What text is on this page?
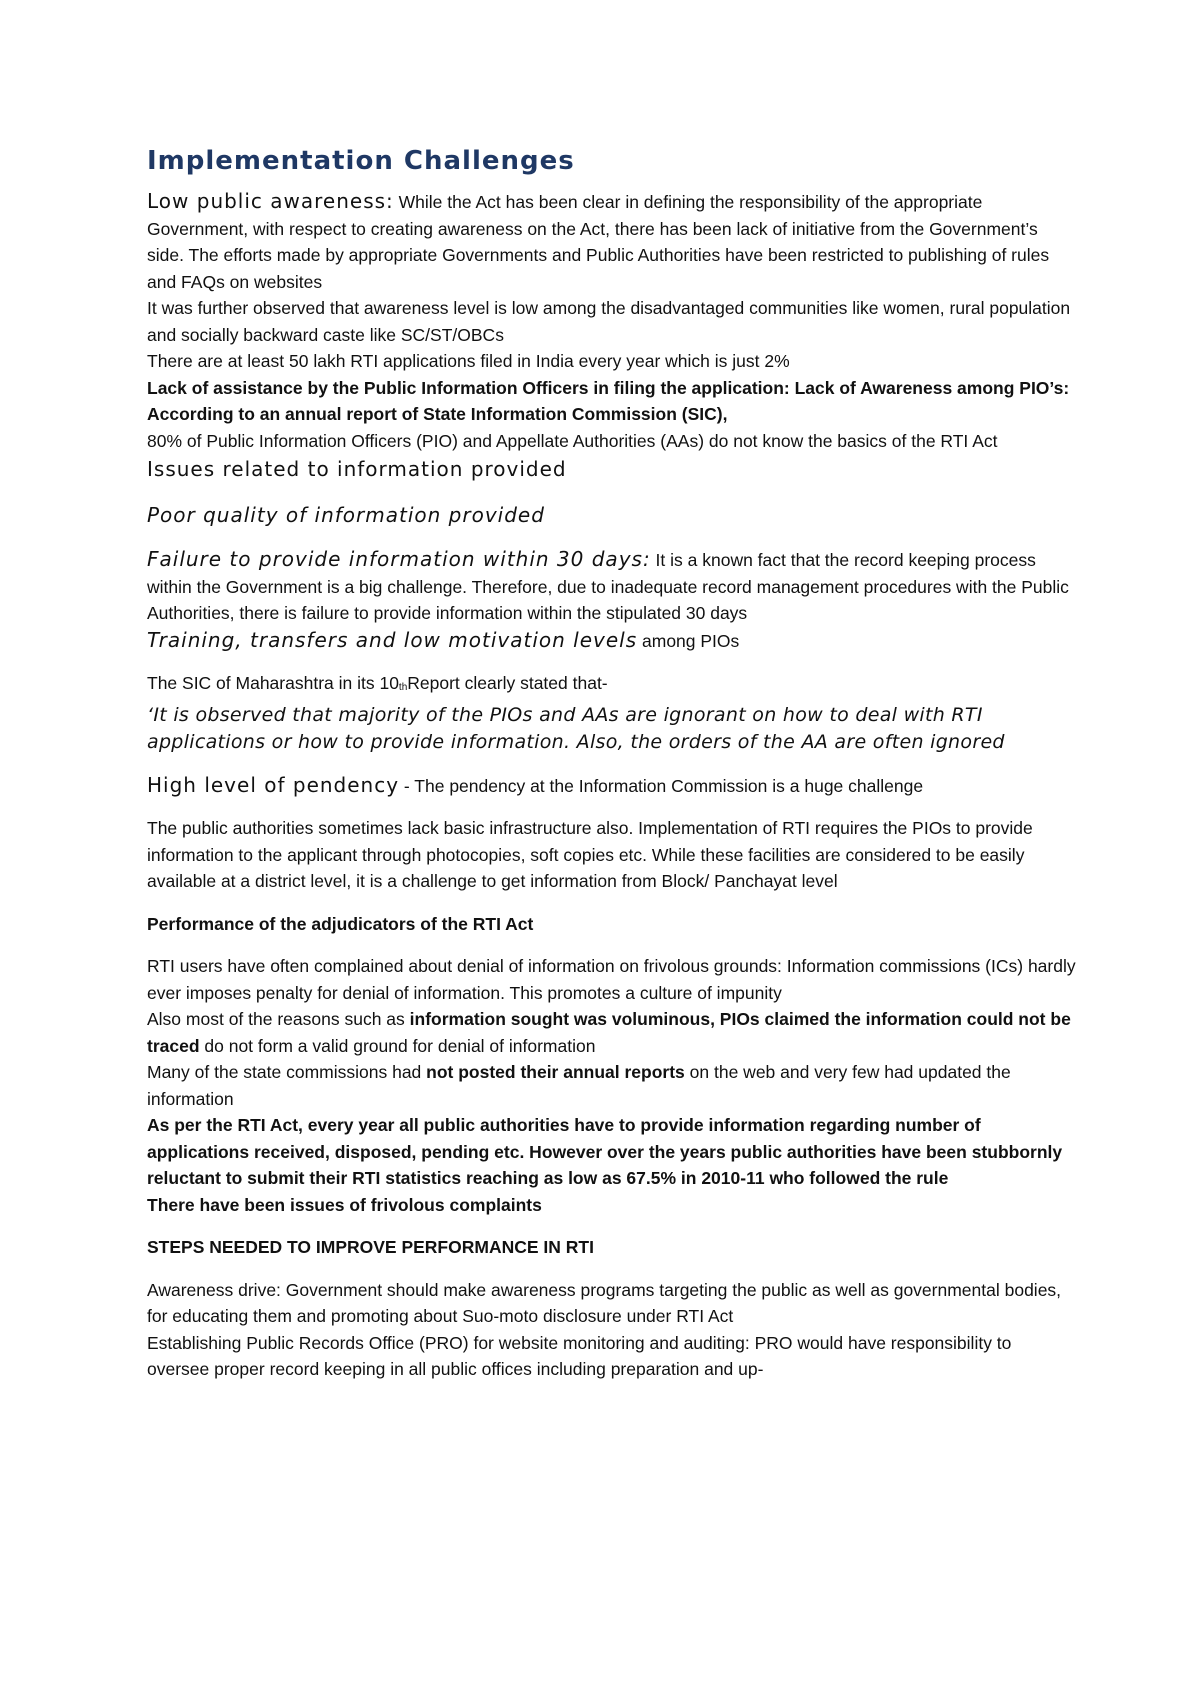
Implementation Challenges

Low public awareness: While the Act has been clear in defining the responsibility of the appropriate Government, with respect to creating awareness on the Act, there has been lack of initiative from the Government’s side. The efforts made by appropriate Governments and Public Authorities have been restricted to publishing of rules and FAQs on websites

It was further observed that awareness level is low among the disadvantaged communities like women, rural population and socially backward caste like SC/ST/OBCs

There are at least 50 lakh RTI applications filed in India every year which is just 2%

Lack of assistance by the Public Information Officers in filing the application: Lack of Awareness among PIO’s: According to an annual report of State Information Commission (SIC),

80% of Public Information Officers (PIO) and Appellate Authorities (AAs) do not know the basics of the RTI Act

Issues related to information provided

Poor quality of information provided

Failure to provide information within 30 days: It is a known fact that the record keeping process within the Government is a big challenge. Therefore, due to inadequate record management procedures with the Public Authorities, there is failure to provide information within the stipulated 30 days

Training, transfers and low motivation levels among PIOs

The SIC of Maharashtra in its 10thReport clearly stated that-

‘It is observed that majority of the PIOs and AAs are ignorant on how to deal with RTI

applications or how to provide information. Also, the orders of the AA are often ignored

High level of pendency - The pendency at the Information Commission is a huge challenge

The public authorities sometimes lack basic infrastructure also. Implementation of RTI requires the PIOs to provide information to the applicant through photocopies, soft copies etc. While these facilities are considered to be easily available at a district level, it is a challenge to get information from Block/ Panchayat level

Performance of the adjudicators of the RTI Act

RTI users have often complained about denial of information on frivolous grounds: Information commissions (ICs) hardly ever imposes penalty for denial of information. This promotes a culture of impunity

Also most of the reasons such as information sought was voluminous, PIOs claimed the information could not be traced do not form a valid ground for denial of information

Many of the state commissions had not posted their annual reports on the web and very few had updated the information

As per the RTI Act, every year all public authorities have to provide information regarding number of applications received, disposed, pending etc. However over the years public authorities have been stubbornly reluctant to submit their RTI statistics reaching as low as 67.5% in 2010-11 who followed the rule

There have been issues of frivolous complaints

STEPS NEEDED TO IMPROVE PERFORMANCE IN RTI

Awareness drive: Government should make awareness programs targeting the public as well as governmental bodies, for educating them and promoting about Suo-moto disclosure under RTI Act

Establishing Public Records Office (PRO) for website monitoring and auditing: PRO would have responsibility to oversee proper record keeping in all public offices including preparation and up-
